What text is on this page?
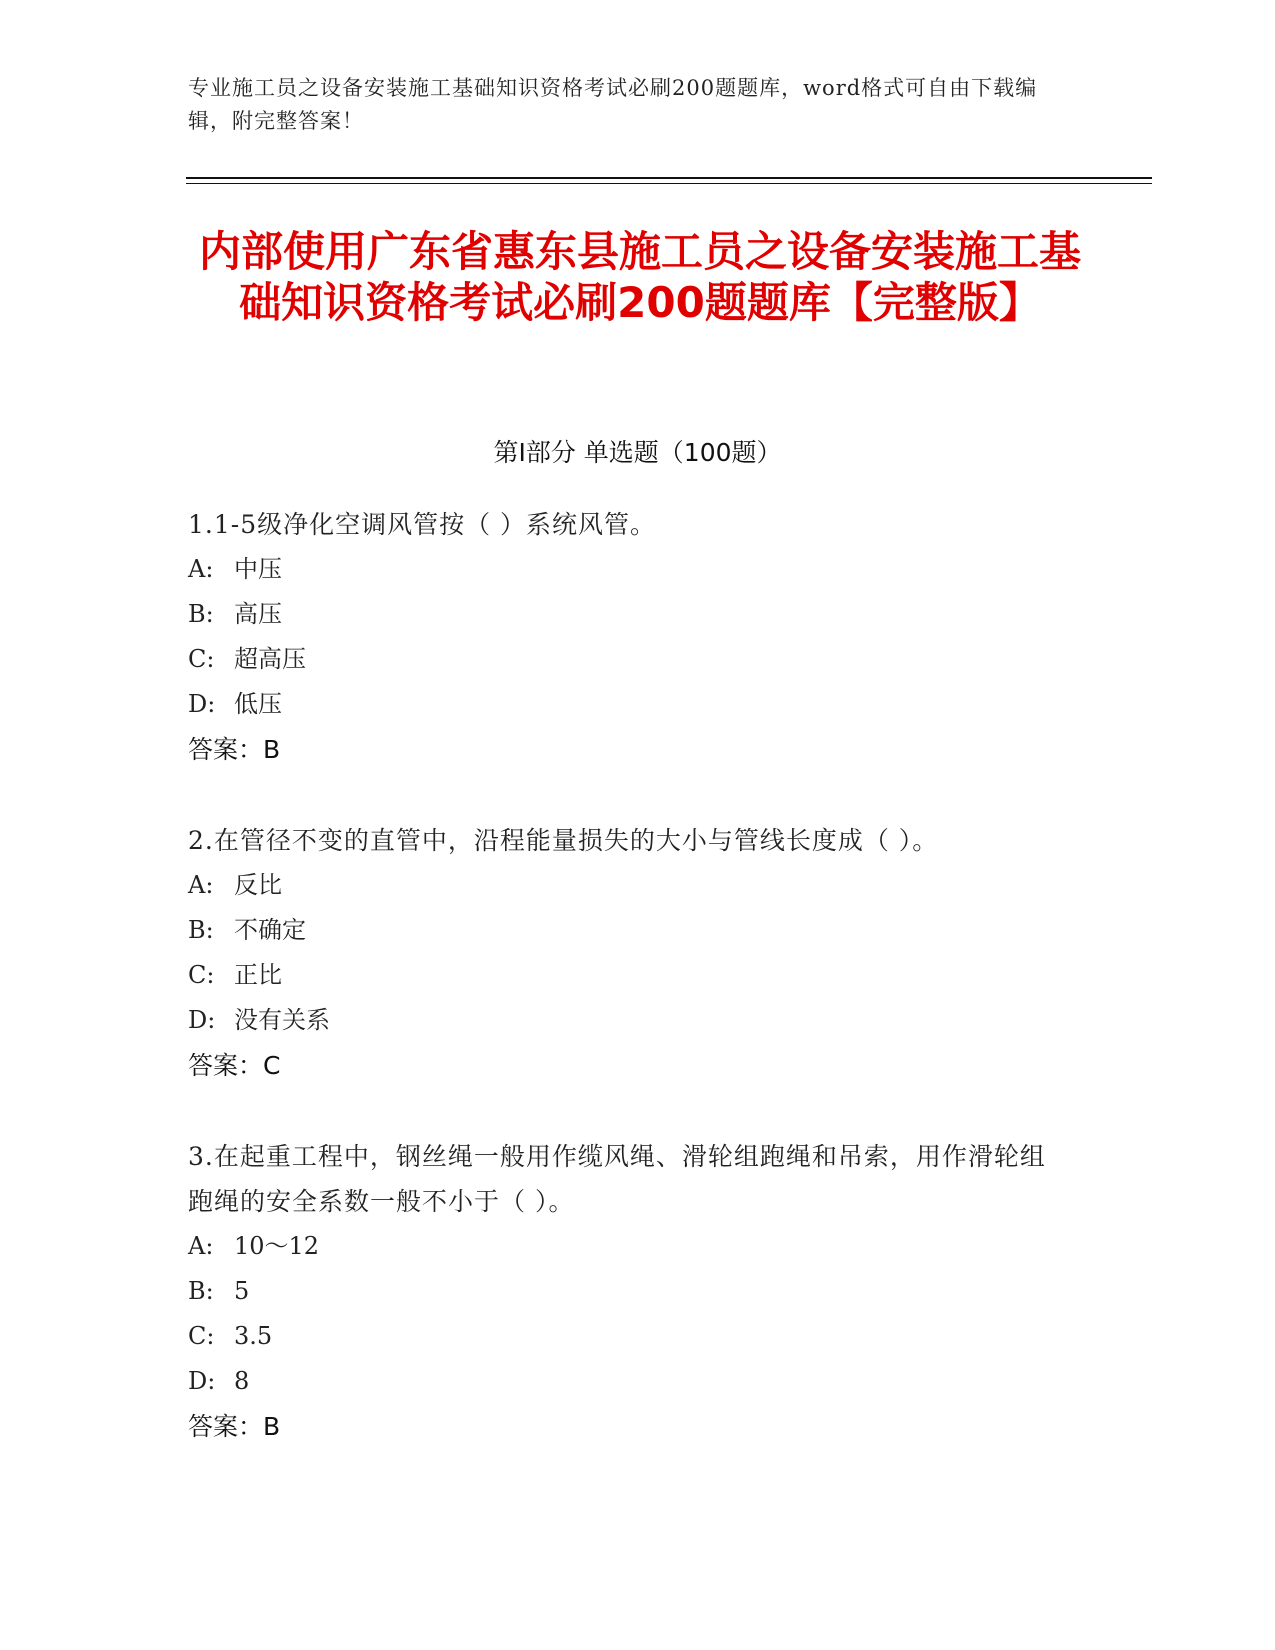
专业施工员之设备安装施工基础知识资格考试必刷200题题库，word格式可自由下载编辑，附完整答案！
内部使用广东省惠东县施工员之设备安装施工基础知识资格考试必刷200题题库【完整版】
第Ⅰ部分 单选题（100题）
1.1-5级净化空调风管按（ ）系统风管。
A: 中压
B: 高压
C: 超高压
D: 低压
答案：B
2.在管径不变的直管中，沿程能量损失的大小与管线长度成（ ）。
A: 反比
B: 不确定
C: 正比
D: 没有关系
答案：C
3.在起重工程中，钢丝绳一般用作缆风绳、滑轮组跑绳和吊索，用作滑轮组跑绳的安全系数一般不小于（ ）。
A: 10～12
B: 5
C: 3.5
D: 8
答案：B
